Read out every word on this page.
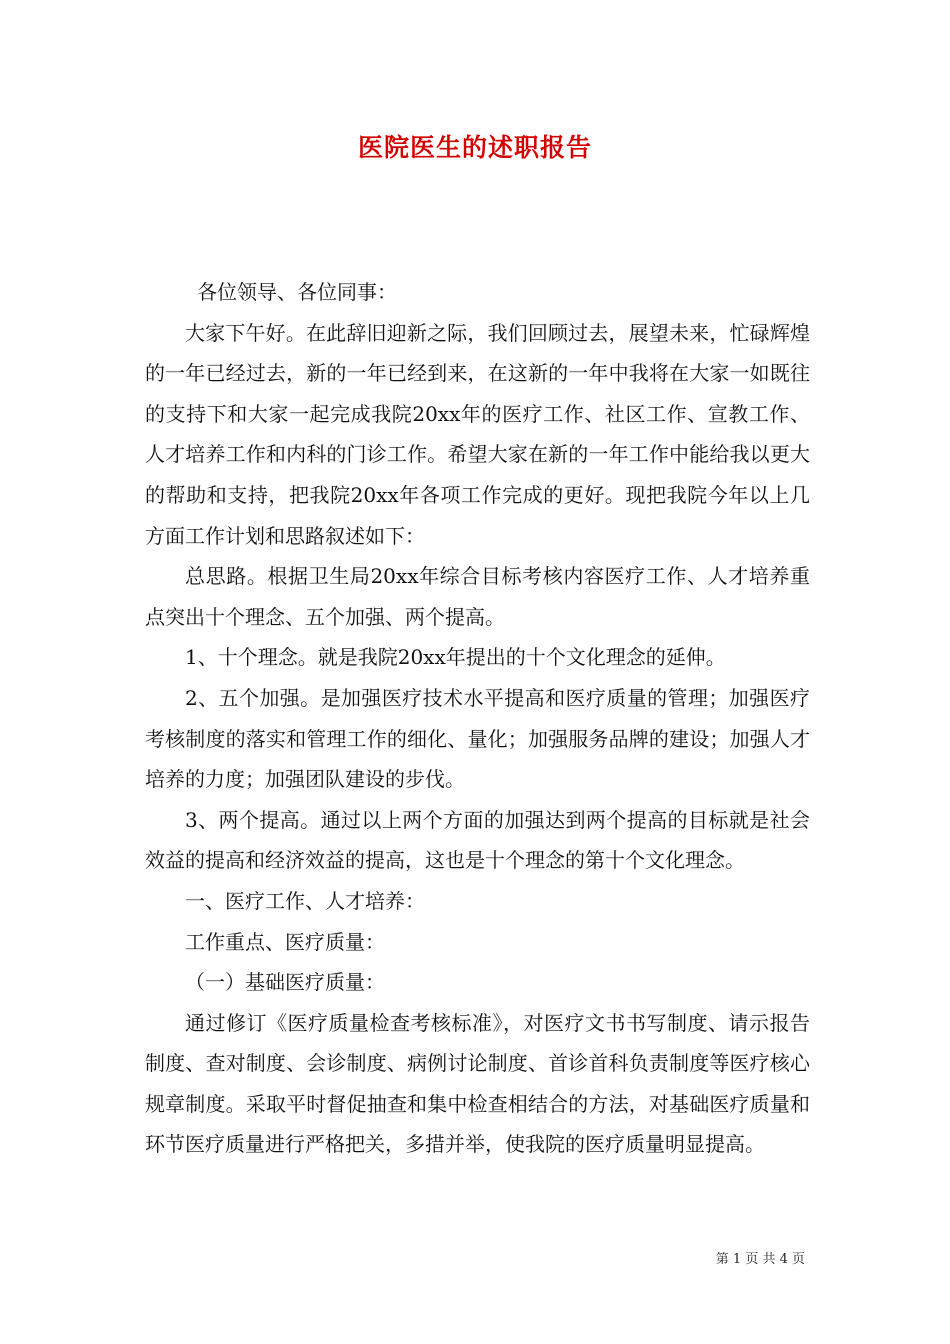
医院医生的述职报告

各位领导、各位同事：

大家下午好。在此辞旧迎新之际，我们回顾过去，展望未来，忙碌辉煌的一年已经过去，新的一年已经到来，在这新的一年中我将在大家一如既往的支持下和大家一起完成我院20xx年的医疗工作、社区工作、宣教工作、人才培养工作和内科的门诊工作。希望大家在新的一年工作中能给我以更大的帮助和支持，把我院20xx年各项工作完成的更好。现把我院今年以上几方面工作计划和思路叙述如下：

总思路。根据卫生局20xx年综合目标考核内容医疗工作、人才培养重点突出十个理念、五个加强、两个提高。

1、十个理念。就是我院20xx年提出的十个文化理念的延伸。

2、五个加强。是加强医疗技术水平提高和医疗质量的管理；加强医疗考核制度的落实和管理工作的细化、量化；加强服务品牌的建设；加强人才培养的力度；加强团队建设的步伐。

3、两个提高。通过以上两个方面的加强达到两个提高的目标就是社会效益的提高和经济效益的提高，这也是十个理念的第十个文化理念。

一、医疗工作、人才培养：

工作重点、医疗质量：

（一）基础医疗质量：

通过修订《医疗质量检查考核标准》，对医疗文书书写制度、请示报告制度、查对制度、会诊制度、病例讨论制度、首诊首科负责制度等医疗核心规章制度。采取平时督促抽查和集中检查相结合的方法，对基础医疗质量和环节医疗质量进行严格把关，多措并举，使我院的医疗质量明显提高。

第 1 页 共 4 页
